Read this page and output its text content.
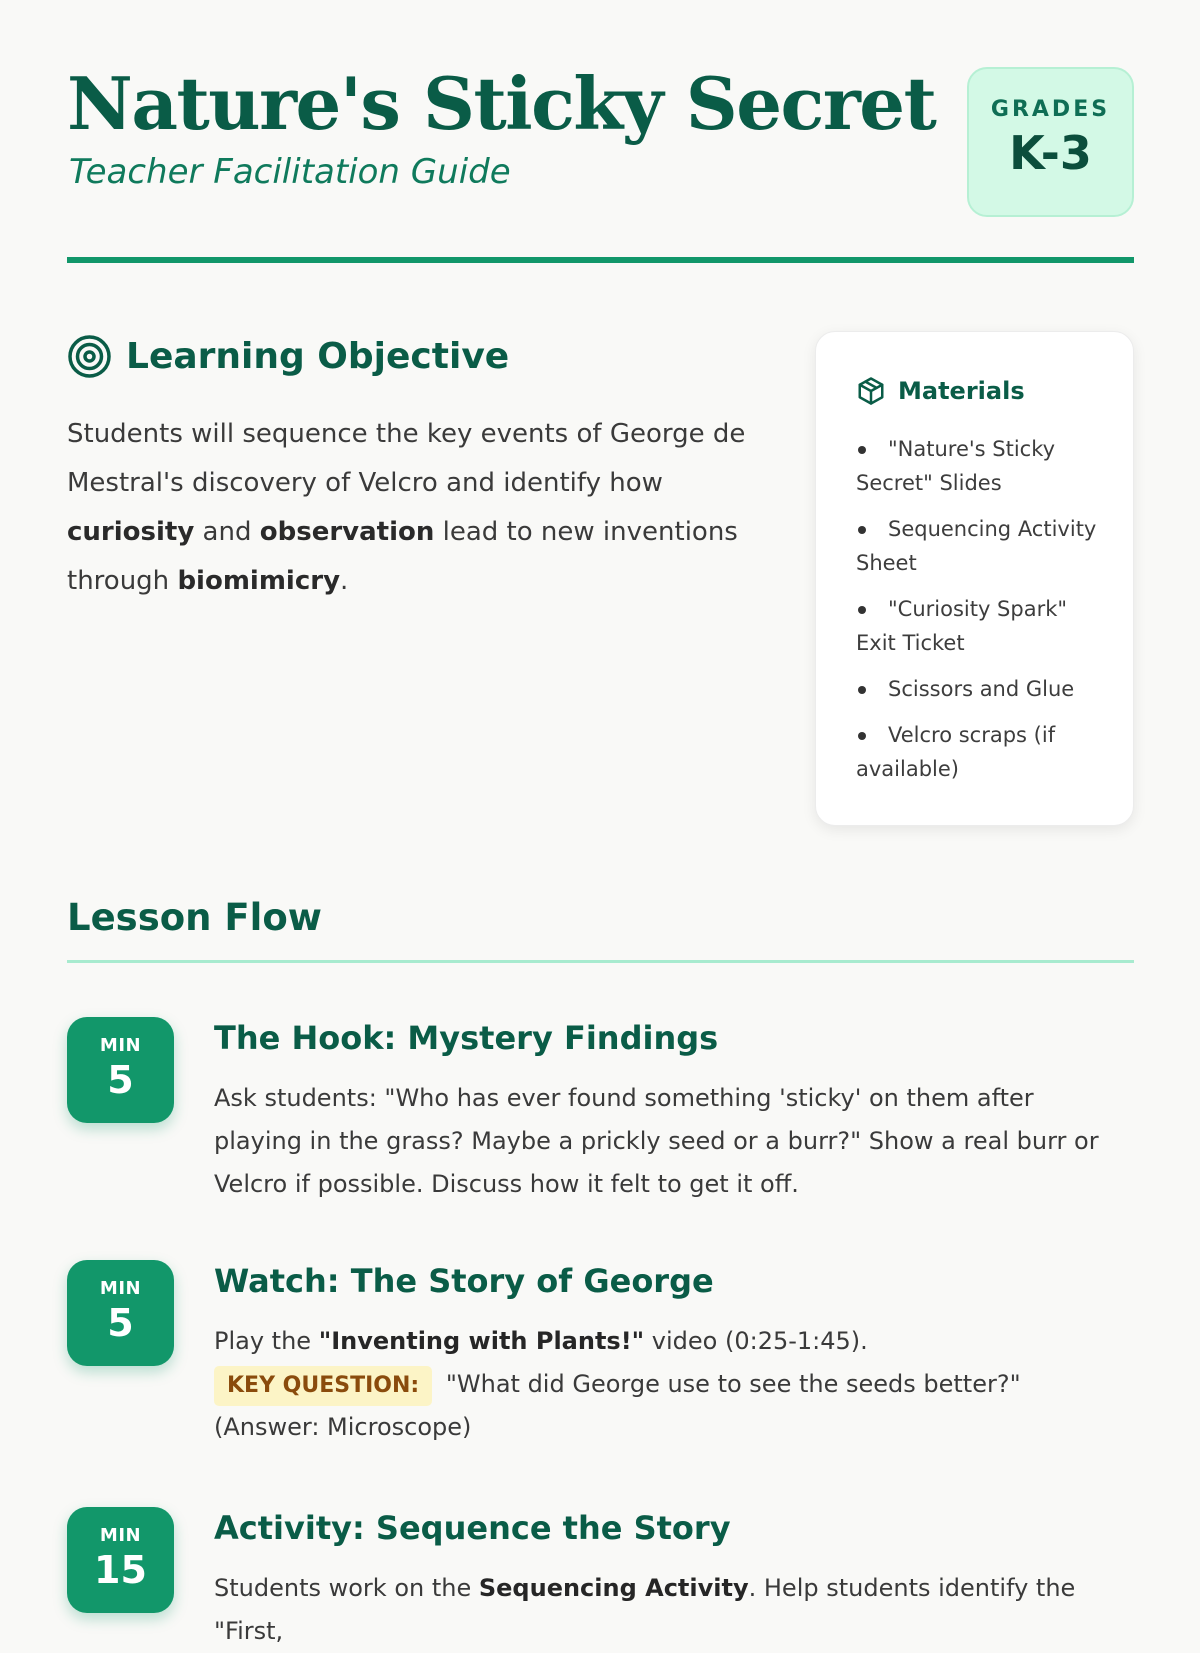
Nature's Sticky Secret
Teacher Facilitation Guide
GRADES
K-3
Learning Objective

Students will sequence the key events of George de Mestral's discovery of Velcro and identify how curiosity and observation lead to new inventions through biomimicry.

Materials
"Nature's Sticky Secret" Slides
Sequencing Activity Sheet
"Curiosity Spark" Exit Ticket
Scissors and Glue
Velcro scraps (if available)
Lesson Flow
MIN
5
The Hook: Mystery Findings

Ask students: "Who has ever found something 'sticky' on them after playing in the grass? Maybe a prickly seed or a burr?" Show a real burr or Velcro if possible. Discuss how it felt to get it off.

MIN
5
Watch: The Story of George

Play the "Inventing with Plants!" video (0:25-1:45).
KEY QUESTION: "What did George use to see the seeds better?" (Answer: Microscope)

MIN
15
Activity: Sequence the Story

Students work on the Sequencing Activity. Help students identify the "First,
